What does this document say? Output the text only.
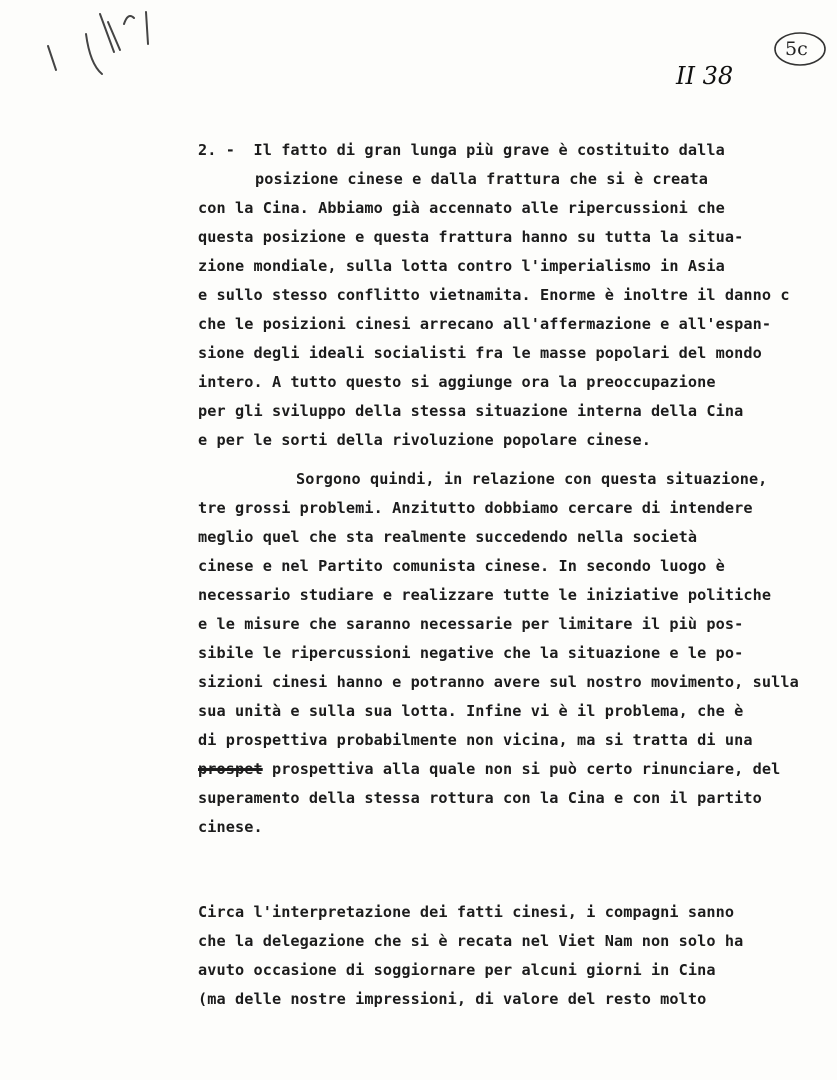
5c
II 38
2. -  Il fatto di gran lunga più grave è costituito dalla
posizione cinese e dalla frattura che si è creata
con la Cina. Abbiamo già accennato alle ripercussioni che
questa posizione e questa frattura hanno su tutta la situa-
zione mondiale, sulla lotta contro l'imperialismo in Asia
e sullo stesso conflitto vietnamita. Enorme è inoltre il danno c
che le posizioni cinesi arrecano all'affermazione e all'espan-
sione degli ideali socialisti fra le masse popolari del mondo
intero. A tutto questo si aggiunge ora la preoccupazione
per gli sviluppo della stessa situazione interna della Cina
e per le sorti della rivoluzione popolare cinese.
Sorgono quindi, in relazione con questa situazione,
tre grossi problemi. Anzitutto dobbiamo cercare di intendere
meglio quel che sta realmente succedendo nella società
cinese e nel Partito comunista cinese. In secondo luogo è
necessario studiare e realizzare tutte le iniziative politiche
e le misure che saranno necessarie per limitare il più pos-
sibile le ripercussioni negative che la situazione e le po-
sizioni cinesi hanno e potranno avere sul nostro movimento, sulla
sua unità e sulla sua lotta. Infine vi è il problema, che è
di prospettiva probabilmente non vicina, ma si tratta di una
prospet prospettiva alla quale non si può certo rinunciare, del
superamento della stessa rottura con la Cina e con il partito
cinese.
Circa l'interpretazione dei fatti cinesi, i compagni sanno
che la delegazione che si è recata nel Viet Nam non solo ha
avuto occasione di soggiornare per alcuni giorni in Cina
(ma delle nostre impressioni, di valore del resto molto
